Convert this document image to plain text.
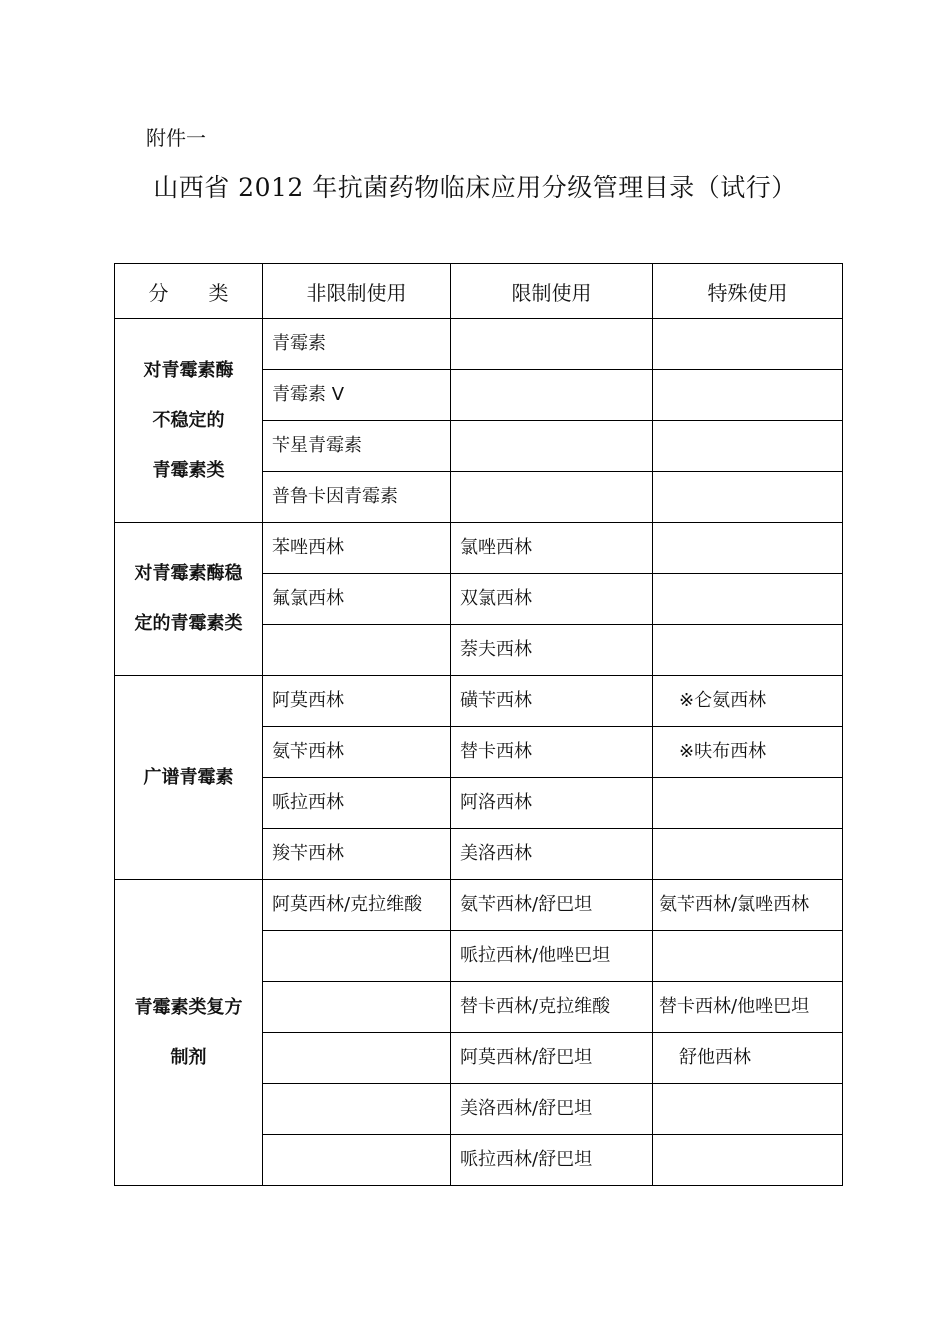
附件一
山西省 2012 年抗菌药物临床应用分级管理目录（试行）
分　　类	非限制使用	限制使用	特殊使用

对青霉素酶
不稳定的
青霉素类	青霉素		

	青霉素 V		

	苄星青霉素		

	普鲁卡因青霉素		

对青霉素酶稳
定的青霉素类	苯唑西林	氯唑西林	

	氟氯西林	双氯西林	

		萘夫西林	

广谱青霉素	阿莫西林	磺苄西林	※仑氨西林

	氨苄西林	替卡西林	※呋布西林

	哌拉西林	阿洛西林	

	羧苄西林	美洛西林	

青霉素类复方
制剂	阿莫西林/克拉维酸	氨苄西林/舒巴坦	氨苄西林/氯唑西林

		哌拉西林/他唑巴坦	

		替卡西林/克拉维酸	替卡西林/他唑巴坦

		阿莫西林/舒巴坦	舒他西林

		美洛西林/舒巴坦	

		哌拉西林/舒巴坦	
